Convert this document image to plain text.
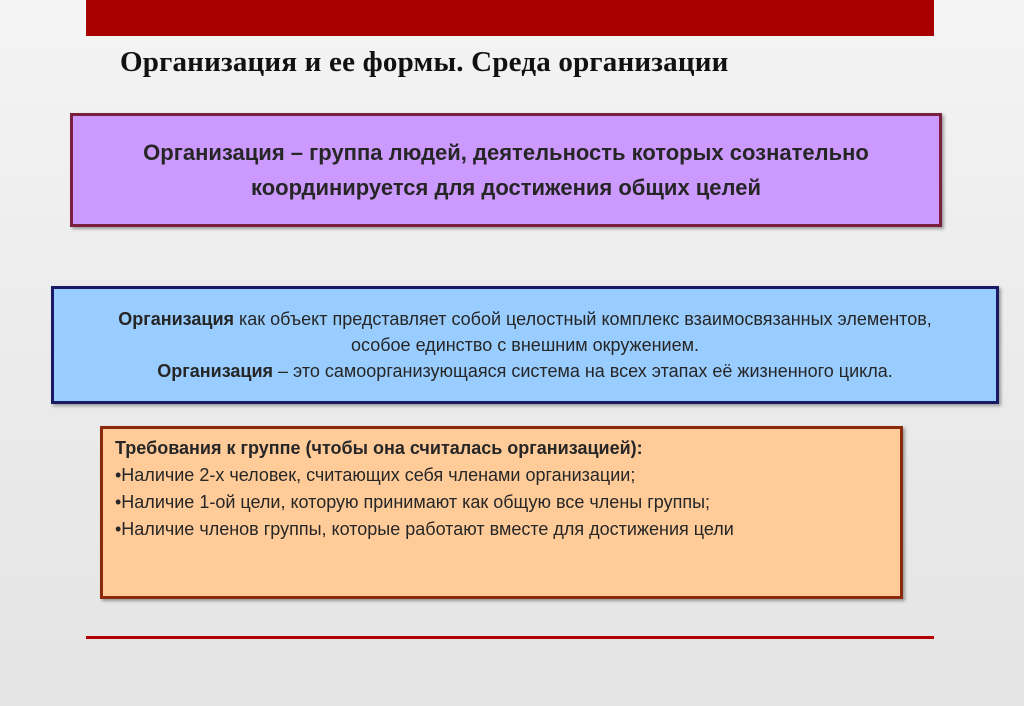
Организация и ее формы. Среда организации
Организация – группа людей, деятельность которых сознательно координируется для достижения общих целей
Организация как объект представляет собой целостный комплекс взаимосвязанных элементов, особое единство с внешним окружением.
Организация – это самоорганизующаяся система на всех этапах её жизненного цикла.
Требования к группе (чтобы она считалась организацией):
•Наличие 2-х человек, считающих себя членами организации;
•Наличие 1-ой цели, которую принимают как общую все члены группы;
•Наличие членов группы, которые работают вместе для достижения цели
